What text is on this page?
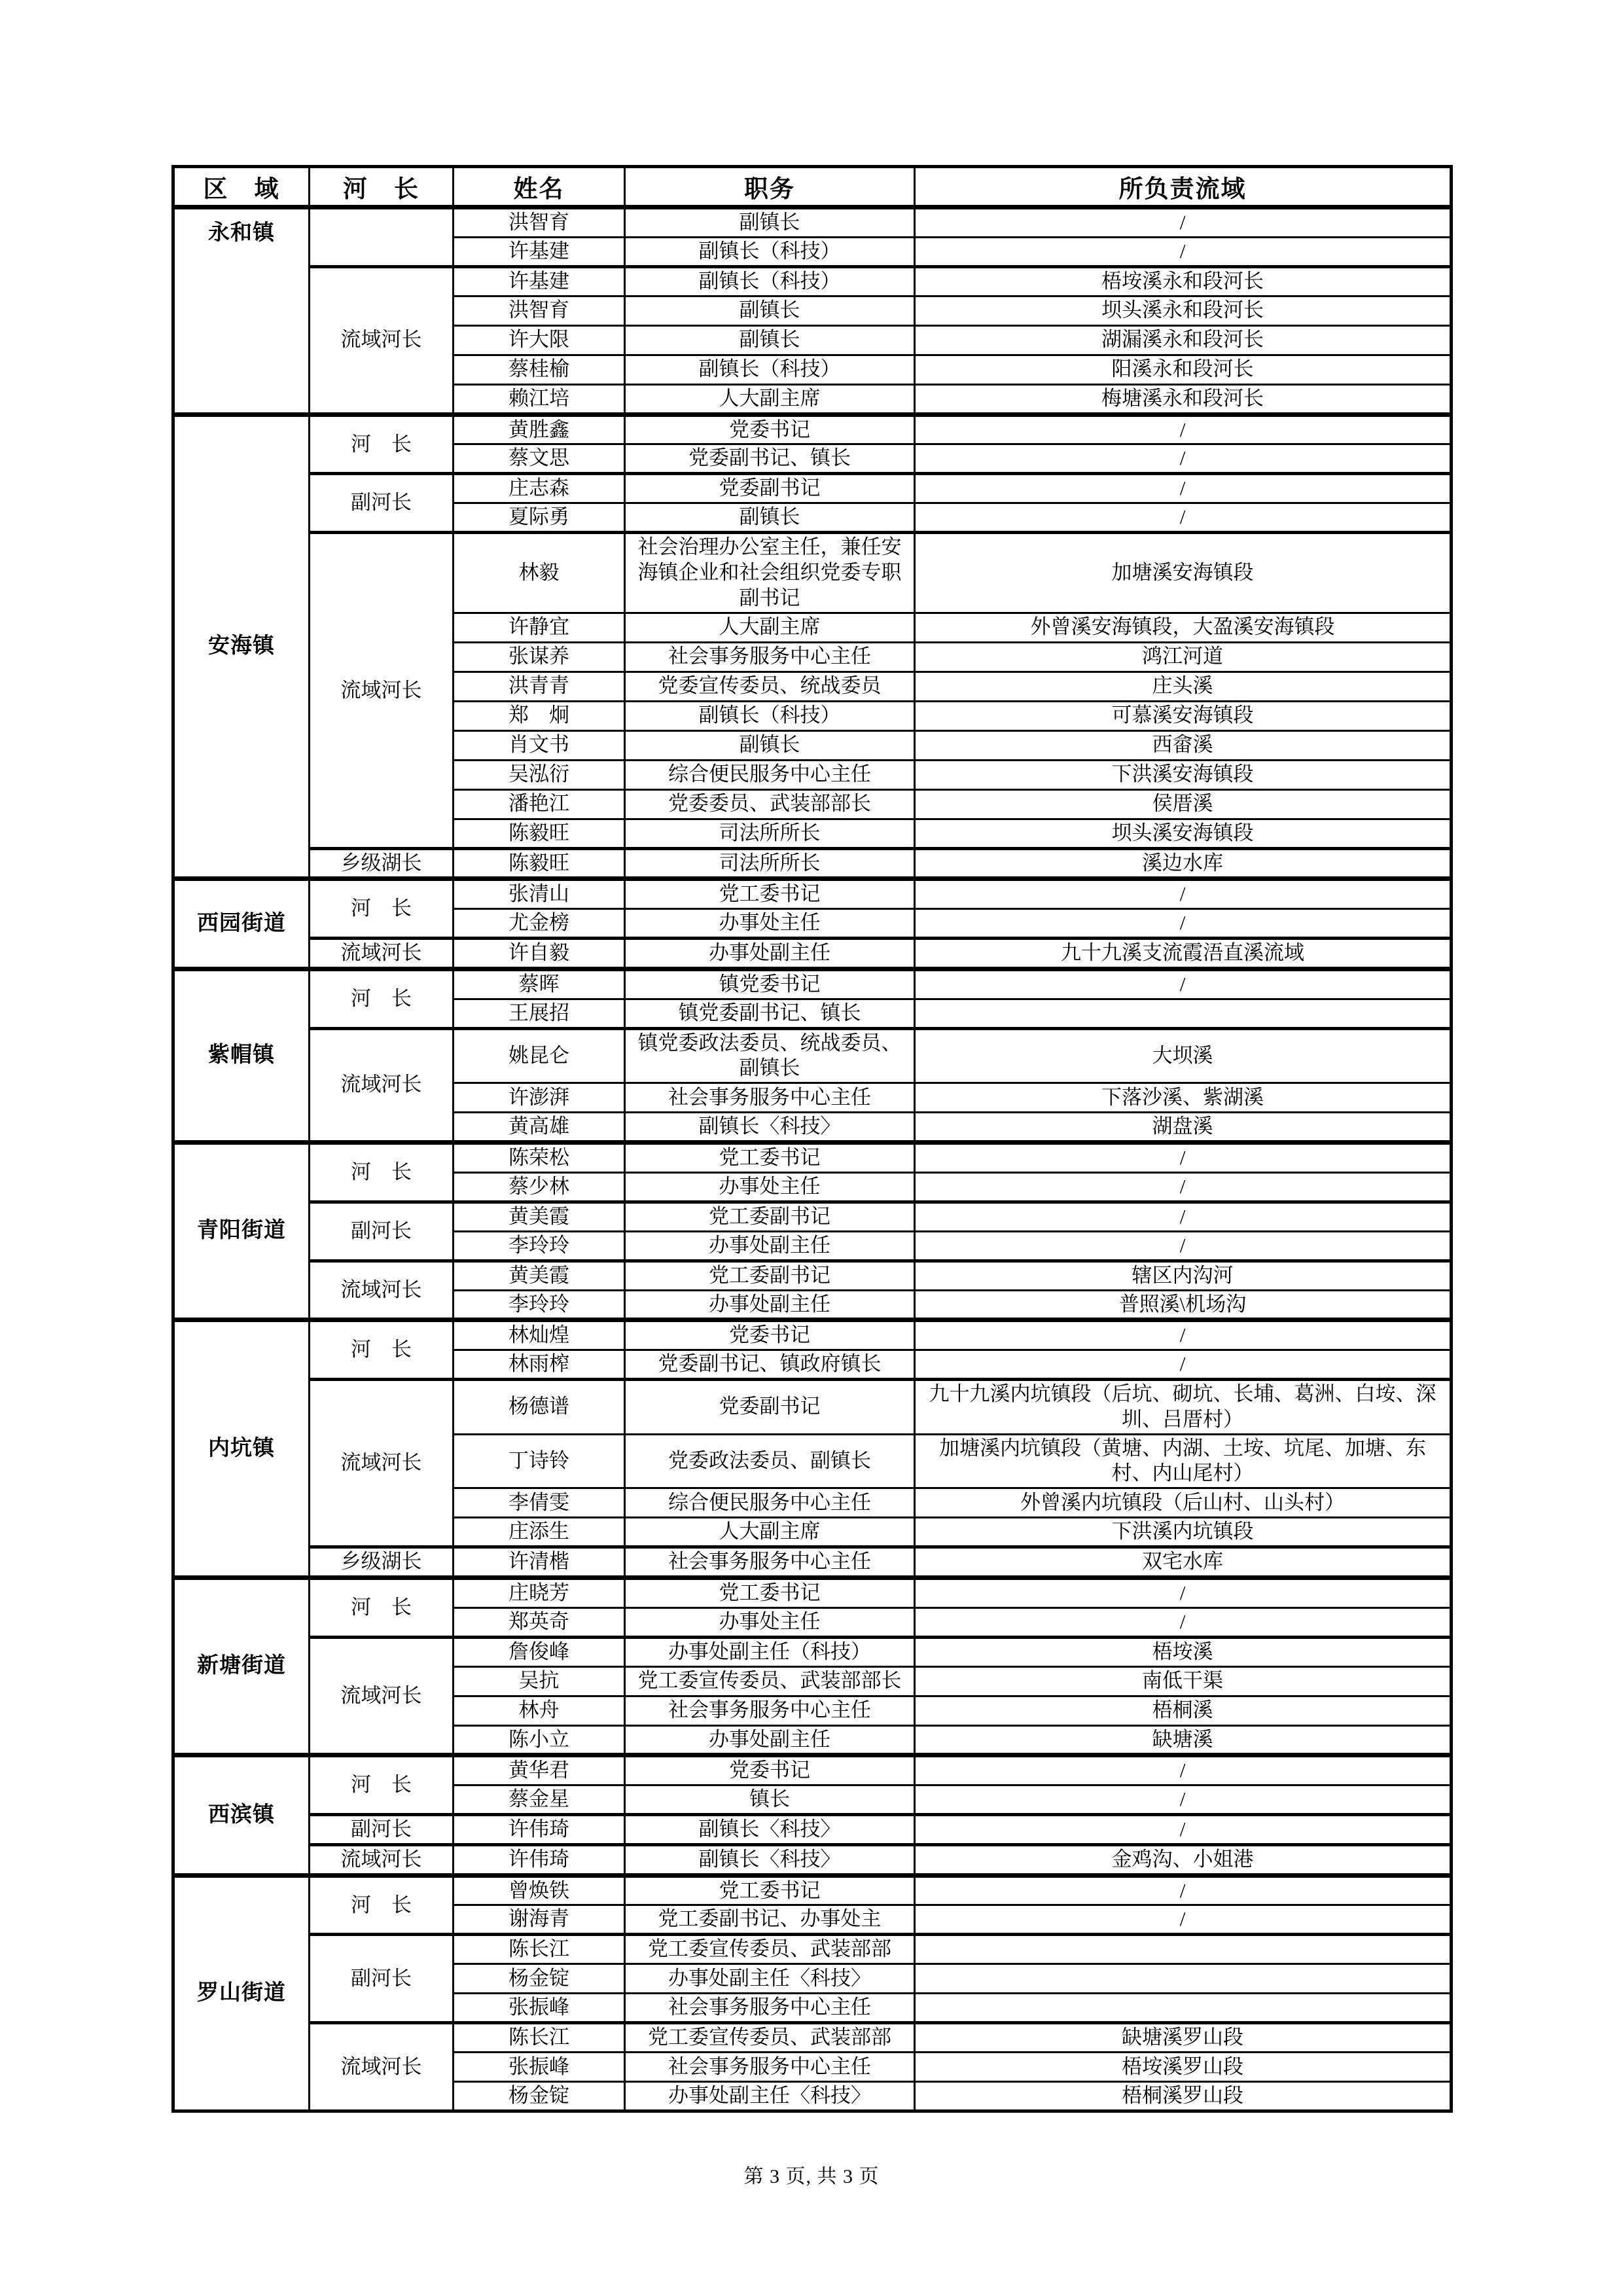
区　域	河　长	姓名	职务	所负责流域
永和镇		洪智育	副镇长	/
		许基建	副镇长（科技）	/
	流域河长	许基建	副镇长（科技）	梧垵溪永和段河长
		洪智育	副镇长	坝头溪永和段河长
		许大限	副镇长	湖漏溪永和段河长
		蔡桂榆	副镇长（科技）	阳溪永和段河长
		赖江培	人大副主席	梅塘溪永和段河长
安海镇	河　长	黄胜鑫	党委书记	/
		蔡文思	党委副书记、镇长	/
	副河长	庄志森	党委副书记	/
		夏际勇	副镇长	/
	流域河长	林毅	社会治理办公室主任，兼任安海镇企业和社会组织党委专职副书记	加塘溪安海镇段
		许静宜	人大副主席	外曾溪安海镇段，大盈溪安海镇段
		张谋养	社会事务服务中心主任	鸿江河道
		洪青青	党委宣传委员、统战委员	庄头溪
		郑　炯	副镇长（科技）	可慕溪安海镇段
		肖文书	副镇长	西畲溪
		吴泓衍	综合便民服务中心主任	下洪溪安海镇段
		潘艳江	党委委员、武装部部长	侯厝溪
		陈毅旺	司法所所长	坝头溪安海镇段
	乡级湖长	陈毅旺	司法所所长	溪边水库
西园街道	河　长	张清山	党工委书记	/
		尤金榜	办事处主任	/
	流域河长	许自毅	办事处副主任	九十九溪支流霞浯直溪流域
紫帽镇	河　长	蔡晖	镇党委书记	/
		王展招	镇党委副书记、镇长	
	流域河长	姚昆仑	镇党委政法委员、统战委员、副镇长	大坝溪
		许澎湃	社会事务服务中心主任	下落沙溪、紫湖溪
		黄高雄	副镇长〈科技〉	湖盘溪
青阳街道	河　长	陈荣松	党工委书记	/
		蔡少林	办事处主任	/
	副河长	黄美霞	党工委副书记	/
		李玲玲	办事处副主任	/
	流域河长	黄美霞	党工委副书记	辖区内沟河
		李玲玲	办事处副主任	普照溪\机场沟
内坑镇	河　长	林灿煌	党委书记	/
		林雨榨	党委副书记、镇政府镇长	/
	流域河长	杨德谱	党委副书记	九十九溪内坑镇段（后坑、砌坑、长埔、葛洲、白垵、深圳、吕厝村）
		丁诗铃	党委政法委员、副镇长	加塘溪内坑镇段（黄塘、内湖、土垵、坑尾、加塘、东村、内山尾村）
		李倩雯	综合便民服务中心主任	外曾溪内坑镇段（后山村、山头村）
		庄添生	人大副主席	下洪溪内坑镇段
	乡级湖长	许清楷	社会事务服务中心主任	双宅水库
新塘街道	河　长	庄晓芳	党工委书记	/
		郑英奇	办事处主任	/
	流域河长	詹俊峰	办事处副主任（科技）	梧垵溪
		吴抗	党工委宣传委员、武装部部长	南低干渠
		林舟	社会事务服务中心主任	梧桐溪
		陈小立	办事处副主任	缺塘溪
西滨镇	河　长	黄华君	党委书记	/
		蔡金星	镇长	/
	副河长	许伟琦	副镇长〈科技〉	/
	流域河长	许伟琦	副镇长〈科技〉	金鸡沟、小姐港
罗山街道	河　长	曾焕铁	党工委书记	/
		谢海青	党工委副书记、办事处主	/
	副河长	陈长江	党工委宣传委员、武装部部	
		杨金锭	办事处副主任〈科技〉	
		张振峰	社会事务服务中心主任	
	流域河长	陈长江	党工委宣传委员、武装部部	缺塘溪罗山段
		张振峰	社会事务服务中心主任	梧垵溪罗山段
		杨金锭	办事处副主任〈科技〉	梧桐溪罗山段
第 3 页, 共 3 页
